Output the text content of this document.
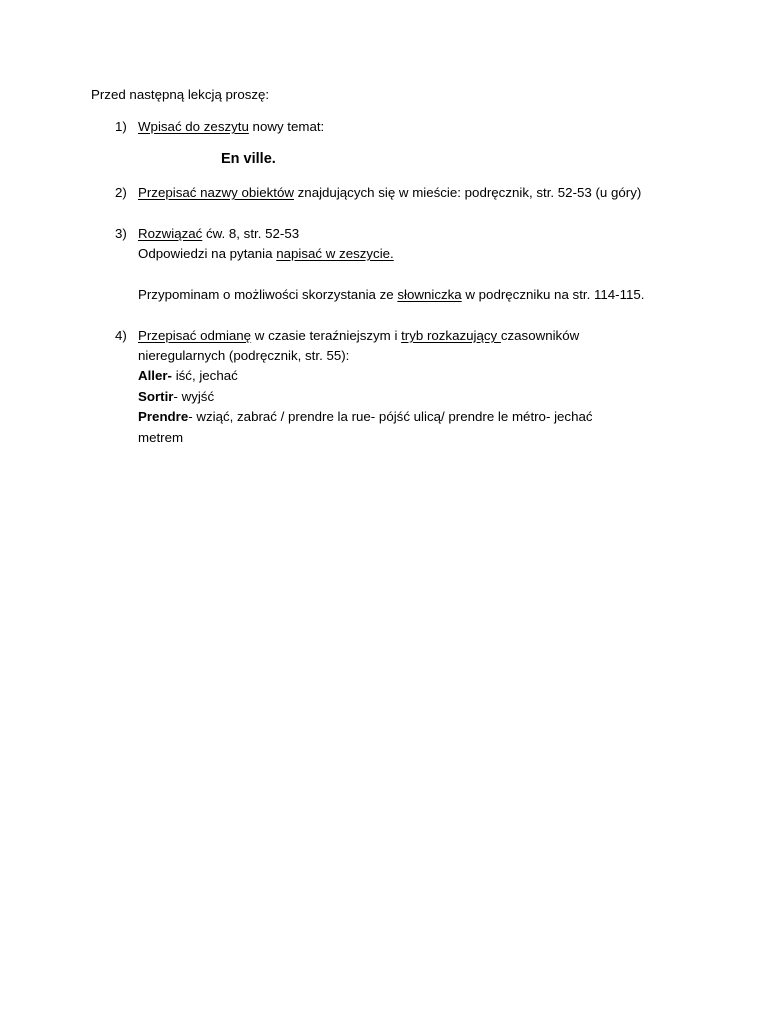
Przed następną lekcją proszę:
1) Wpisać do zeszytu nowy temat:
En ville.
2) Przepisać nazwy obiektów znajdujących się w mieście: podręcznik, str. 52-53 (u góry)
3) Rozwiązać ćw. 8, str. 52-53
Odpowiedzi na pytania napisać w zeszycie.
Przypominam o możliwości skorzystania ze słowniczka w podręczniku na str. 114-115.
4) Przepisać odmianę w czasie teraźniejszym i tryb rozkazujący czasowników
nieregularnych (podręcznik, str. 55):
Aller- iść, jechać
Sortir- wyjść
Prendre- wziąć, zabrać / prendre la rue- pójść ulicą/ prendre le métro- jechać
metrem
